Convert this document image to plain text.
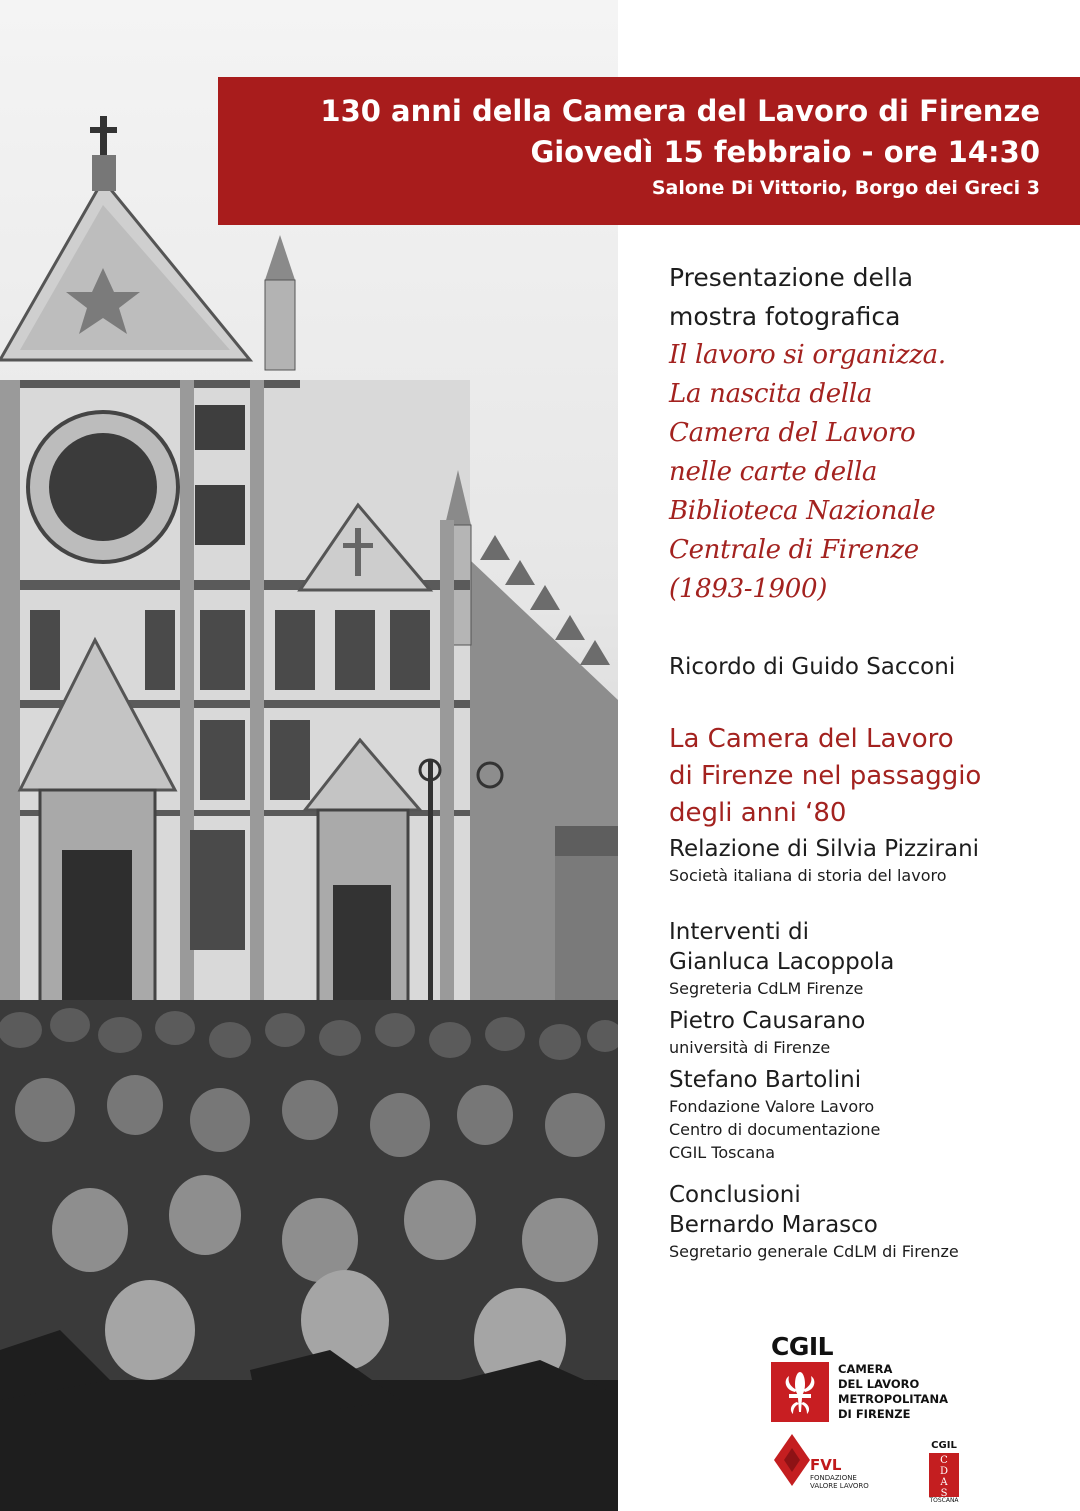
130 anni della Camera del Lavoro di Firenze
Giovedì 15 febbraio - ore 14:30
Salone Di Vittorio, Borgo dei Greci 3
Presentazione della
mostra fotografica
Il lavoro si organizza.
La nascita della
Camera del Lavoro
nelle carte della
Biblioteca Nazionale
Centrale di Firenze
(1893-1900)
Ricordo di Guido Sacconi
La Camera del Lavoro
di Firenze nel passaggio
degli anni ‘80
Relazione di Silvia Pizzirani
Società italiana di storia del lavoro
Interventi di
Gianluca Lacoppola
Segreteria CdLM Firenze
Pietro Causarano
università di Firenze
Stefano Bartolini
Fondazione Valore Lavoro
Centro di documentazione
CGIL Toscana
Conclusioni
Bernardo Marasco
Segretario generale CdLM di Firenze
CGIL
CAMERA
DEL LAVORO
METROPOLITANA
DI FIRENZE
FVL
FONDAZIONE
VALORE LAVORO
CGIL
C
D
A
S
TOSCANA
